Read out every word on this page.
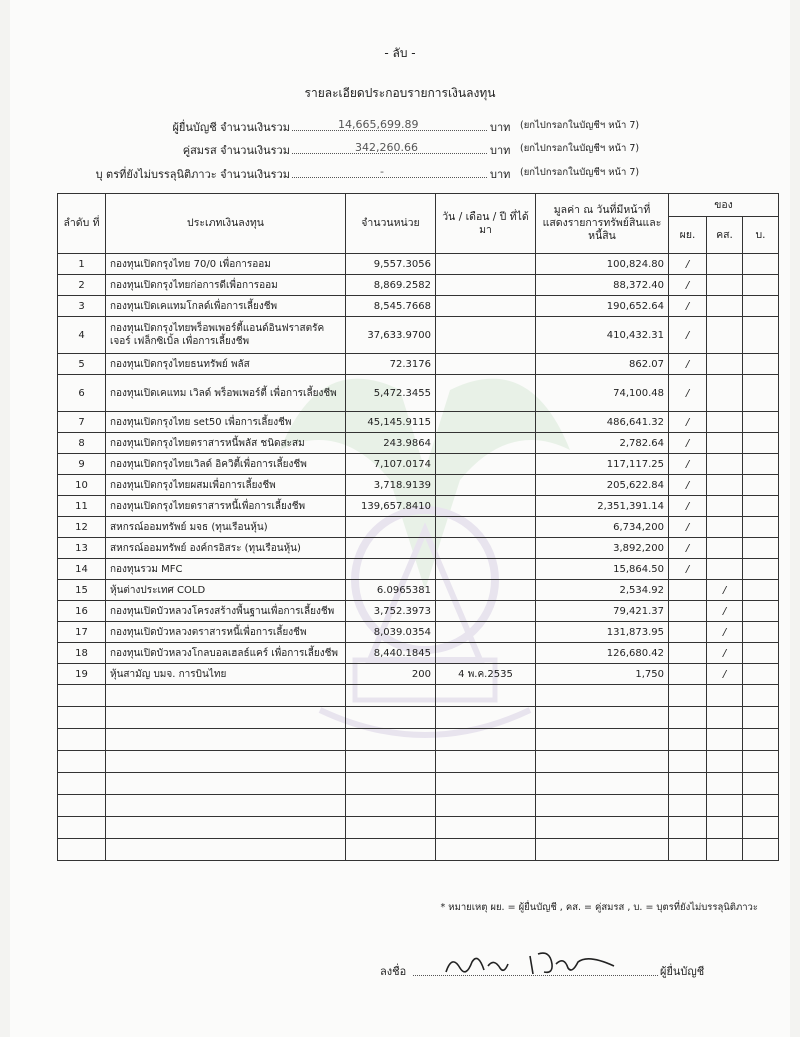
- ลับ -
รายละเอียดประกอบรายการเงินลงทุน
ผู้ยื่นบัญชี จำนวนเงินรวม	14,665,699.89	บาท (ยกไปกรอกในบัญชีฯ หน้า 7)
คู่สมรส จำนวนเงินรวม	342,260.66	บาท (ยกไปกรอกในบัญชีฯ หน้า 7)
บุ ตรที่ยังไม่บรรลุนิติภาวะ จำนวนเงินรวม	-	บาท (ยกไปกรอกในบัญชีฯ หน้า 7)
ลำดับ ที่	ประเภทเงินลงทุน	จำนวนหน่วย	วัน / เดือน / ปี ที่ได้มา	มูลค่า ณ วันที่มีหน้าที่ แสดงรายการทรัพย์สินและหนี้สิน	ของ		
					ผย.	คส.	บ.
1	กองทุนเปิดกรุงไทย 70/0 เพื่อการออม	9,557.3056		100,824.80	/		
2	กองทุนเปิดกรุงไทยก่อการดีเพื่อการออม	8,869.2582		88,372.40	/		
3	กองทุนเปิดเคแทมโกลด์เพื่อการเลี้ยงชีพ	8,545.7668		190,652.64	/		
4	กองทุนเปิดกรุงไทยพร็อพเพอร์ตี้แอนด์อินฟราสตรัคเจอร์ เฟล็กซิเบิ้ล เพื่อการเลี้ยงชีพ	37,633.9700		410,432.31	/		
5	กองทุนเปิดกรุงไทยธนทรัพย์ พลัส	72.3176		862.07	/		
6	กองทุนเปิดเคแทม เวิลด์ พร็อพเพอร์ตี้ เพื่อการเลี้ยงชีพ	5,472.3455		74,100.48	/		
7	กองทุนเปิดกรุงไทย set50 เพื่อการเลี้ยงชีพ	45,145.9115		486,641.32	/		
8	กองทุนเปิดกรุงไทยตราสารหนี้พลัส ชนิดสะสม	243.9864		2,782.64	/		
9	กองทุนเปิดกรุงไทยเวิลด์ อิควิตี้เพื่อการเลี้ยงชีพ	7,107.0174		117,117.25	/		
10	กองทุนเปิดกรุงไทยผสมเพื่อการเลี้ยงชีพ	3,718.9139		205,622.84	/		
11	กองทุนเปิดกรุงไทยตราสารหนี้เพื่อการเลี้ยงชีพ	139,657.8410		2,351,391.14	/		
12	สหกรณ์ออมทรัพย์ มจธ (ทุนเรือนหุ้น)			6,734,200	/		
13	สหกรณ์ออมทรัพย์ องค์กรอิสระ (ทุนเรือนหุ้น)			3,892,200	/		
14	กองทุนรวม MFC			15,864.50	/		
15	หุ้นต่างประเทศ COLD	6.0965381		2,534.92		/	
16	กองทุนเปิดบัวหลวงโครงสร้างพื้นฐานเพื่อการเลี้ยงชีพ	3,752.3973		79,421.37		/	
17	กองทุนเปิดบัวหลวงตราสารหนี้เพื่อการเลี้ยงชีพ	8,039.0354		131,873.95		/	
18	กองทุนเปิดบัวหลวงโกลบอลเฮลธ์แคร์ เพื่อการเลี้ยงชีพ	8,440.1845		126,680.42		/	
19	หุ้นสามัญ บมจ. การบินไทย	200	4 พ.ค.2535	1,750		/	

* หมายเหตุ ผย. = ผู้ยื่นบัญชี , คส. = คู่สมรส , บ. = บุตรที่ยังไม่บรรลุนิติภาวะ
ลงชื่อ	ผู้ยื่นบัญชี
